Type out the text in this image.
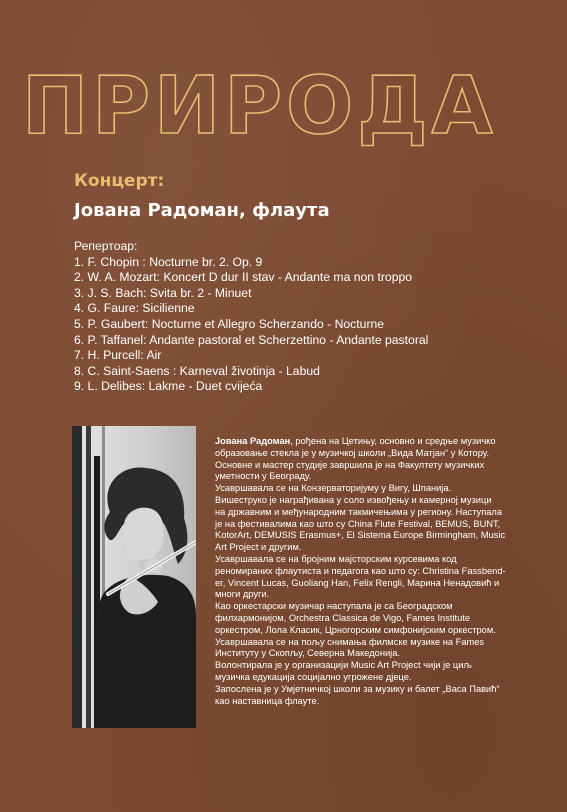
ПРИРОДА
Концерт:
Јована Радоман, флаута
Репертоар:
1. F. Chopin : Nocturne br. 2. Op. 9
2. W. A. Mozart: Koncert D dur II stav - Andante ma non troppo
3. J. S. Bach: Svita br. 2 - Minuet
4. G. Faure: Sicilienne
5. P. Gaubert: Nocturne et Allegro Scherzando - Nocturne
6. P. Taffanel: Andante pastoral et Scherzettino - Andante pastoral
7. H. Purcell: Air
8. C. Saint-Saens : Karneval životinja - Labud
9. L. Delibes: Lakme - Duet cvijeća

Јована Радоман, рођена на Цетињу, основно и средње музичко

образовање стекла је у музичкој школи „Вида Матјан“ у Котору.

Основне и мастер студије завршила је на Факултету музичких

уметности у Београду.

Усавршавала се на Конзерваторијуму у Вигу, Шпанија.

Вишеструко је награђивана у соло извођењу и камерној музици

на државним и међународним такмичењима у региону. Наступала

је на фестивалима као што су China Flute Festival, BEMUS, BUNT,

KotorArt, DEMUSIS Erasmus+, El Sistema Europe Birmingham, Music

Art Project и другим.

Усавршавала се на бројним мајсторским курсевима код

реномираних флаутиста и педагога као што су: Christina Fassbend-

er, Vincent Lucas, Guoliang Han, Felix Rengli, Марина Ненадовић и

многи други.

Као оркестарски музичар наступала је са Београдском

филхармонијом, Orchestra Classica de Vigo, Fames Institute

оркестром, Лола Класик, Црногорским симфонијским оркестром.

Усавршавала се на пољу снимања филмске музике на Fames

Институту у Скопљу, Северна Македонија.

Волонтирала је у организацији Music Art Project чији је циљ

музичка едукација социјално угрожене дјеце.

Запослена је у Умјетничкој школи за музику и балет „Васа Павић“

као наставница флауте.
